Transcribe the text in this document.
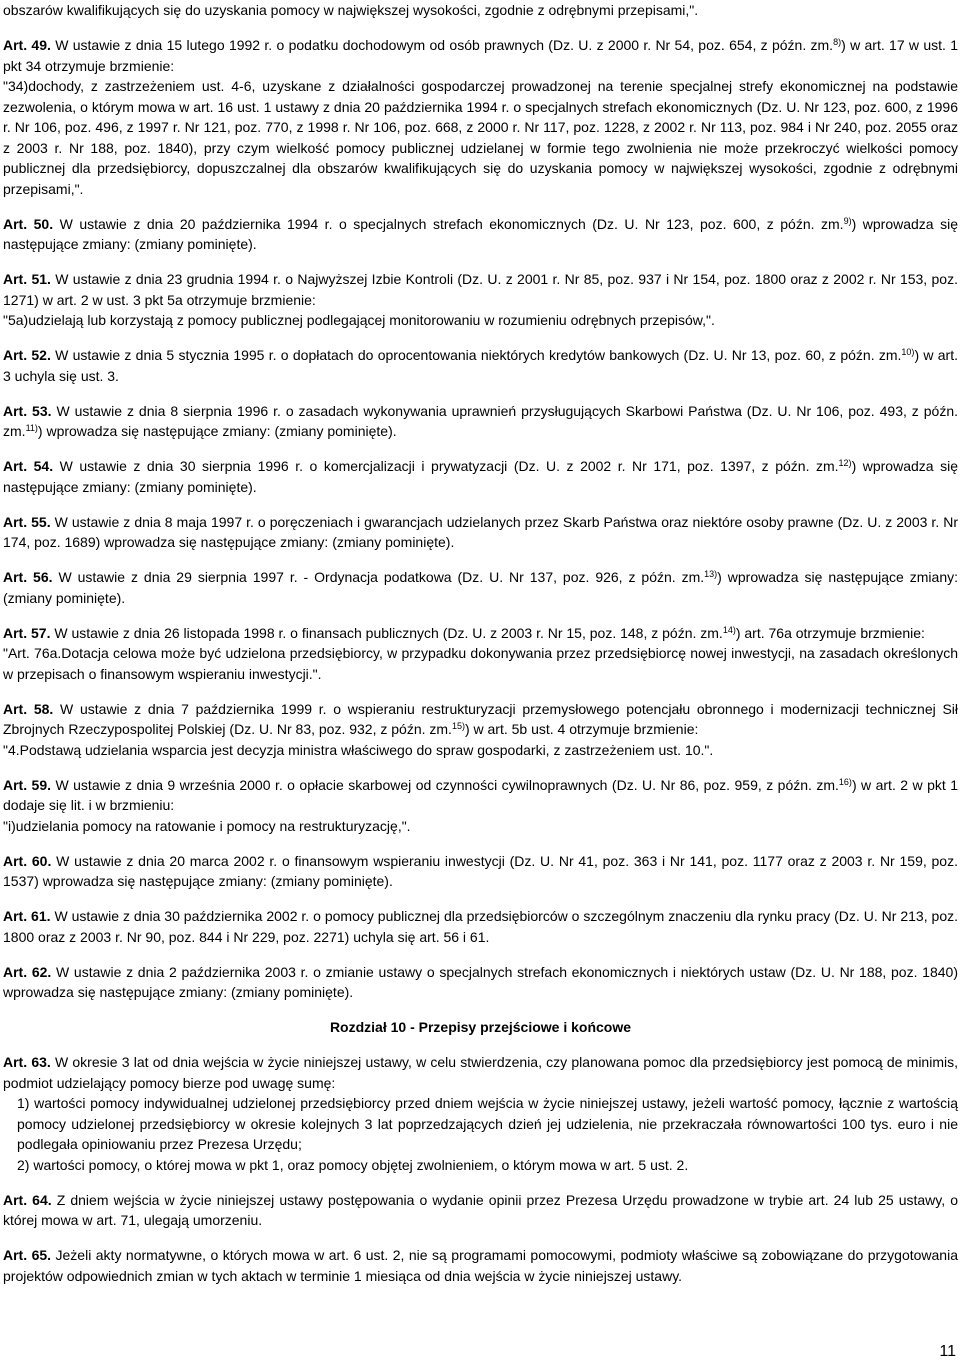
obszarów kwalifikujących się do uzyskania pomocy w największej wysokości, zgodnie z odrębnymi przepisami,".

Art. 49. W ustawie z dnia 15 lutego 1992 r. o podatku dochodowym od osób prawnych (Dz. U. z 2000 r. Nr 54, poz. 654, z późn. zm.$^{8)}$) w art. 17 w ust. 1 pkt 34 otrzymuje brzmienie:

"34)dochody, z zastrzeżeniem ust. 4-6, uzyskane z działalności gospodarczej prowadzonej na terenie specjalnej strefy ekonomicznej na podstawie zezwolenia, o którym mowa w art. 16 ust. 1 ustawy z dnia 20 października 1994 r. o specjalnych strefach ekonomicznych (Dz. U. Nr 123, poz. 600, z 1996 r. Nr 106, poz. 496, z 1997 r. Nr 121, poz. 770, z 1998 r. Nr 106, poz. 668, z 2000 r. Nr 117, poz. 1228, z 2002 r. Nr 113, poz. 984 i Nr 240, poz. 2055 oraz z 2003 r. Nr 188, poz. 1840), przy czym wielkość pomocy publicznej udzielanej w formie tego zwolnienia nie może przekroczyć wielkości pomocy publicznej dla przedsiębiorcy, dopuszczalnej dla obszarów kwalifikujących się do uzyskania pomocy w największej wysokości, zgodnie z odrębnymi przepisami,".

Art. 50. W ustawie z dnia 20 października 1994 r. o specjalnych strefach ekonomicznych (Dz. U. Nr 123, poz. 600, z późn. zm.$^{9)}$) wprowadza się następujące zmiany: (zmiany pominięte).

Art. 51. W ustawie z dnia 23 grudnia 1994 r. o Najwyższej Izbie Kontroli (Dz. U. z 2001 r. Nr 85, poz. 937 i Nr 154, poz. 1800 oraz z 2002 r. Nr 153, poz. 1271) w art. 2 w ust. 3 pkt 5a otrzymuje brzmienie:

"5a)udzielają lub korzystają z pomocy publicznej podlegającej monitorowaniu w rozumieniu odrębnych przepisów,".

Art. 52. W ustawie z dnia 5 stycznia 1995 r. o dopłatach do oprocentowania niektórych kredytów bankowych (Dz. U. Nr 13, poz. 60, z późn. zm.$^{10)}$) w art. 3 uchyla się ust. 3.

Art. 53. W ustawie z dnia 8 sierpnia 1996 r. o zasadach wykonywania uprawnień przysługujących Skarbowi Państwa (Dz. U. Nr 106, poz. 493, z późn. zm.$^{11)}$) wprowadza się następujące zmiany: (zmiany pominięte).

Art. 54. W ustawie z dnia 30 sierpnia 1996 r. o komercjalizacji i prywatyzacji (Dz. U. z 2002 r. Nr 171, poz. 1397, z późn. zm.$^{12)}$) wprowadza się następujące zmiany: (zmiany pominięte).

Art. 55. W ustawie z dnia 8 maja 1997 r. o poręczeniach i gwarancjach udzielanych przez Skarb Państwa oraz niektóre osoby prawne (Dz. U. z 2003 r. Nr 174, poz. 1689) wprowadza się następujące zmiany: (zmiany pominięte).

Art. 56. W ustawie z dnia 29 sierpnia 1997 r. - Ordynacja podatkowa (Dz. U. Nr 137, poz. 926, z późn. zm.$^{13)}$) wprowadza się następujące zmiany: (zmiany pominięte).

Art. 57. W ustawie z dnia 26 listopada 1998 r. o finansach publicznych (Dz. U. z 2003 r. Nr 15, poz. 148, z późn. zm.$^{14)}$) art. 76a otrzymuje brzmienie:

"Art. 76a.Dotacja celowa może być udzielona przedsiębiorcy, w przypadku dokonywania przez przedsiębiorcę nowej inwestycji, na zasadach określonych w przepisach o finansowym wspieraniu inwestycji.".

Art. 58. W ustawie z dnia 7 października 1999 r. o wspieraniu restrukturyzacji przemysłowego potencjału obronnego i modernizacji technicznej Sił Zbrojnych Rzeczypospolitej Polskiej (Dz. U. Nr 83, poz. 932, z późn. zm.$^{15)}$) w art. 5b ust. 4 otrzymuje brzmienie:

"4.Podstawą udzielania wsparcia jest decyzja ministra właściwego do spraw gospodarki, z zastrzeżeniem ust. 10.".

Art. 59. W ustawie z dnia 9 września 2000 r. o opłacie skarbowej od czynności cywilnoprawnych (Dz. U. Nr 86, poz. 959, z późn. zm.$^{16)}$) w art. 2 w pkt 1 dodaje się lit. i w brzmieniu:

"i)udzielania pomocy na ratowanie i pomocy na restrukturyzację,".

Art. 60. W ustawie z dnia 20 marca 2002 r. o finansowym wspieraniu inwestycji (Dz. U. Nr 41, poz. 363 i Nr 141, poz. 1177 oraz z 2003 r. Nr 159, poz. 1537) wprowadza się następujące zmiany: (zmiany pominięte).

Art. 61. W ustawie z dnia 30 października 2002 r. o pomocy publicznej dla przedsiębiorców o szczególnym znaczeniu dla rynku pracy (Dz. U. Nr 213, poz. 1800 oraz z 2003 r. Nr 90, poz. 844 i Nr 229, poz. 2271) uchyla się art. 56 i 61.

Art. 62. W ustawie z dnia 2 października 2003 r. o zmianie ustawy o specjalnych strefach ekonomicznych i niektórych ustaw (Dz. U. Nr 188, poz. 1840) wprowadza się następujące zmiany: (zmiany pominięte).

Rozdział 10 - Przepisy przejściowe i końcowe

Art. 63. W okresie 3 lat od dnia wejścia w życie niniejszej ustawy, w celu stwierdzenia, czy planowana pomoc dla przedsiębiorcy jest pomocą de minimis, podmiot udzielający pomocy bierze pod uwagę sumę:

1) wartości pomocy indywidualnej udzielonej przedsiębiorcy przed dniem wejścia w życie niniejszej ustawy, jeżeli wartość pomocy, łącznie z wartością pomocy udzielonej przedsiębiorcy w okresie kolejnych 3 lat poprzedzających dzień jej udzielenia, nie przekraczała równowartości 100 tys. euro i nie podlegała opiniowaniu przez Prezesa Urzędu;

2) wartości pomocy, o której mowa w pkt 1, oraz pomocy objętej zwolnieniem, o którym mowa w art. 5 ust. 2.

Art. 64. Z dniem wejścia w życie niniejszej ustawy postępowania o wydanie opinii przez Prezesa Urzędu prowadzone w trybie art. 24 lub 25 ustawy, o której mowa w art. 71, ulegają umorzeniu.

Art. 65. Jeżeli akty normatywne, o których mowa w art. 6 ust. 2, nie są programami pomocowymi, podmioty właściwe są zobowiązane do przygotowania projektów odpowiednich zmian w tych aktach w terminie 1 miesiąca od dnia wejścia w życie niniejszej ustawy.

11
